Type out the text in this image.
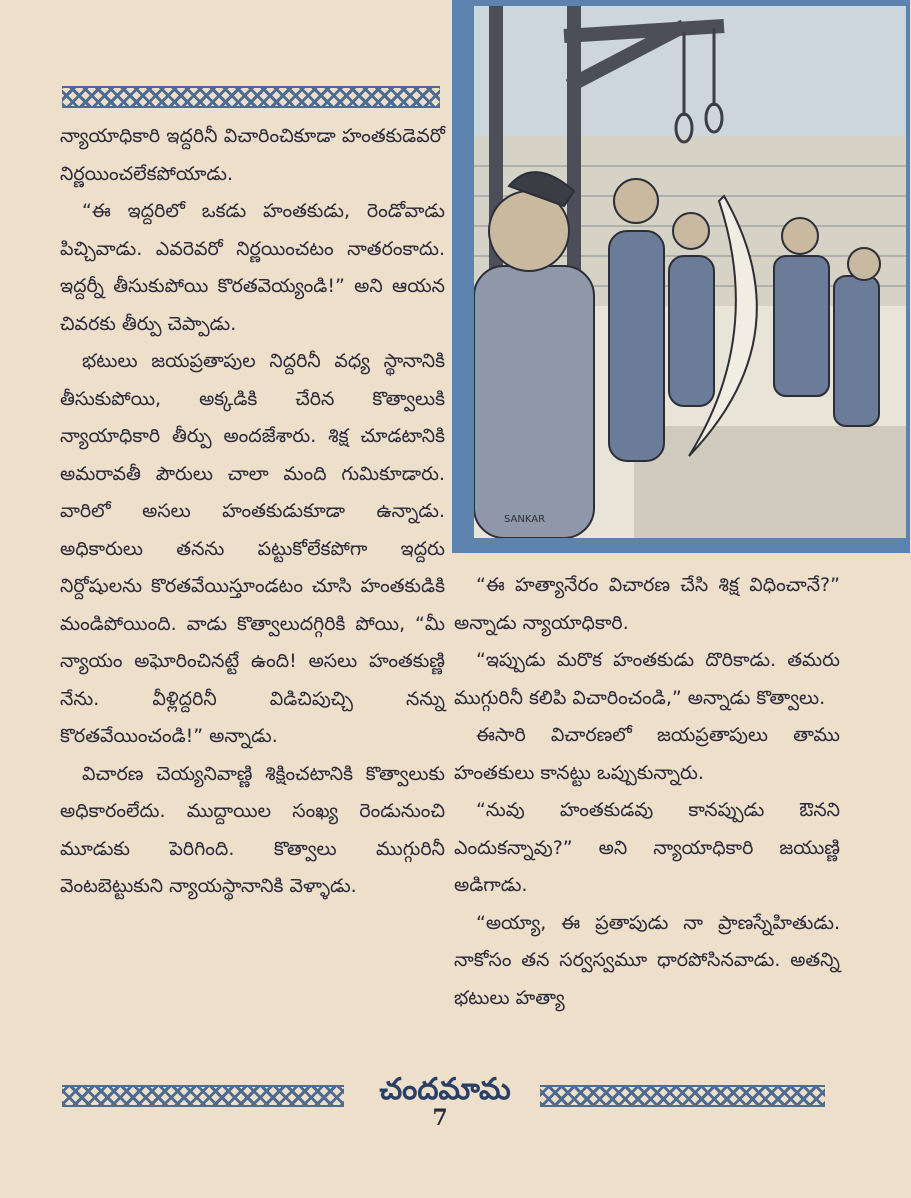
న్యాయాధికారి ఇద్దరినీ విచారించికూడా హంతకుడెవరో నిర్ణయించలేకపోయాడు.

“ఈ ఇద్దరిలో ఒకడు హంతకుడు, రెండోవాడు పిచ్చివాడు. ఎవరెవరో నిర్ణయించటం నాతరంకాదు. ఇద్దర్నీ తీసుకుపోయి కొరతవెయ్యండి!” అని ఆయన చివరకు తీర్పు చెప్పాడు.

భటులు జయప్రతాపుల నిద్దరినీ వధ్య స్థానానికి తీసుకుపోయి, అక్కడికి చేరిన కొత్వాలుకి న్యాయాధికారి తీర్పు అందజేశారు. శిక్ష చూడటానికి అమరావతీ పౌరులు చాలా మంది గుమికూడారు. వారిలో అసలు హంతకుడుకూడా ఉన్నాడు. అధికారులు తనను పట్టుకోలేకపోగా ఇద్దరు నిర్దోషులను కొరతవేయిస్తూండటం చూసి హంతకుడికి మండిపోయింది. వాడు కొత్వాలుదగ్గిరికి పోయి, “మీ న్యాయం అఘోరించినట్టే ఉంది! అసలు హంతకుణ్ణి నేను. వీళ్లిద్దరినీ విడిచిపుచ్చి నన్ను కొరతవేయించండి!” అన్నాడు.

విచారణ చెయ్యనివాణ్ణి శిక్షించటానికి కొత్వాలుకు అధికారంలేదు. ముద్దాయిల సంఖ్య రెండునుంచి మూడుకు పెరిగింది. కొత్వాలు ముగ్గురినీ వెంటబెట్టుకుని న్యాయస్థానానికి వెళ్ళాడు.

SANKAR

“ఈ హత్యానేరం విచారణ చేసి శిక్ష విధించానే?” అన్నాడు న్యాయాధికారి.

“ఇప్పుడు మరొక హంతకుడు దొరికాడు. తమరు ముగ్గురినీ కలిపి విచారించండి,” అన్నాడు కొత్వాలు.

ఈసారి విచారణలో జయప్రతాపులు తాము హంతకులు కానట్టు ఒప్పుకున్నారు.

“నువు హంతకుడవు కానప్పుడు ఔనని ఎందుకన్నావు?” అని న్యాయాధికారి జయుణ్ణి అడిగాడు.

“అయ్యా, ఈ ప్రతాపుడు నా ప్రాణస్నేహితుడు. నాకోసం తన సర్వస్వమూ ధారపోసినవాడు. అతన్ని భటులు హత్యా

చందమామ
7
